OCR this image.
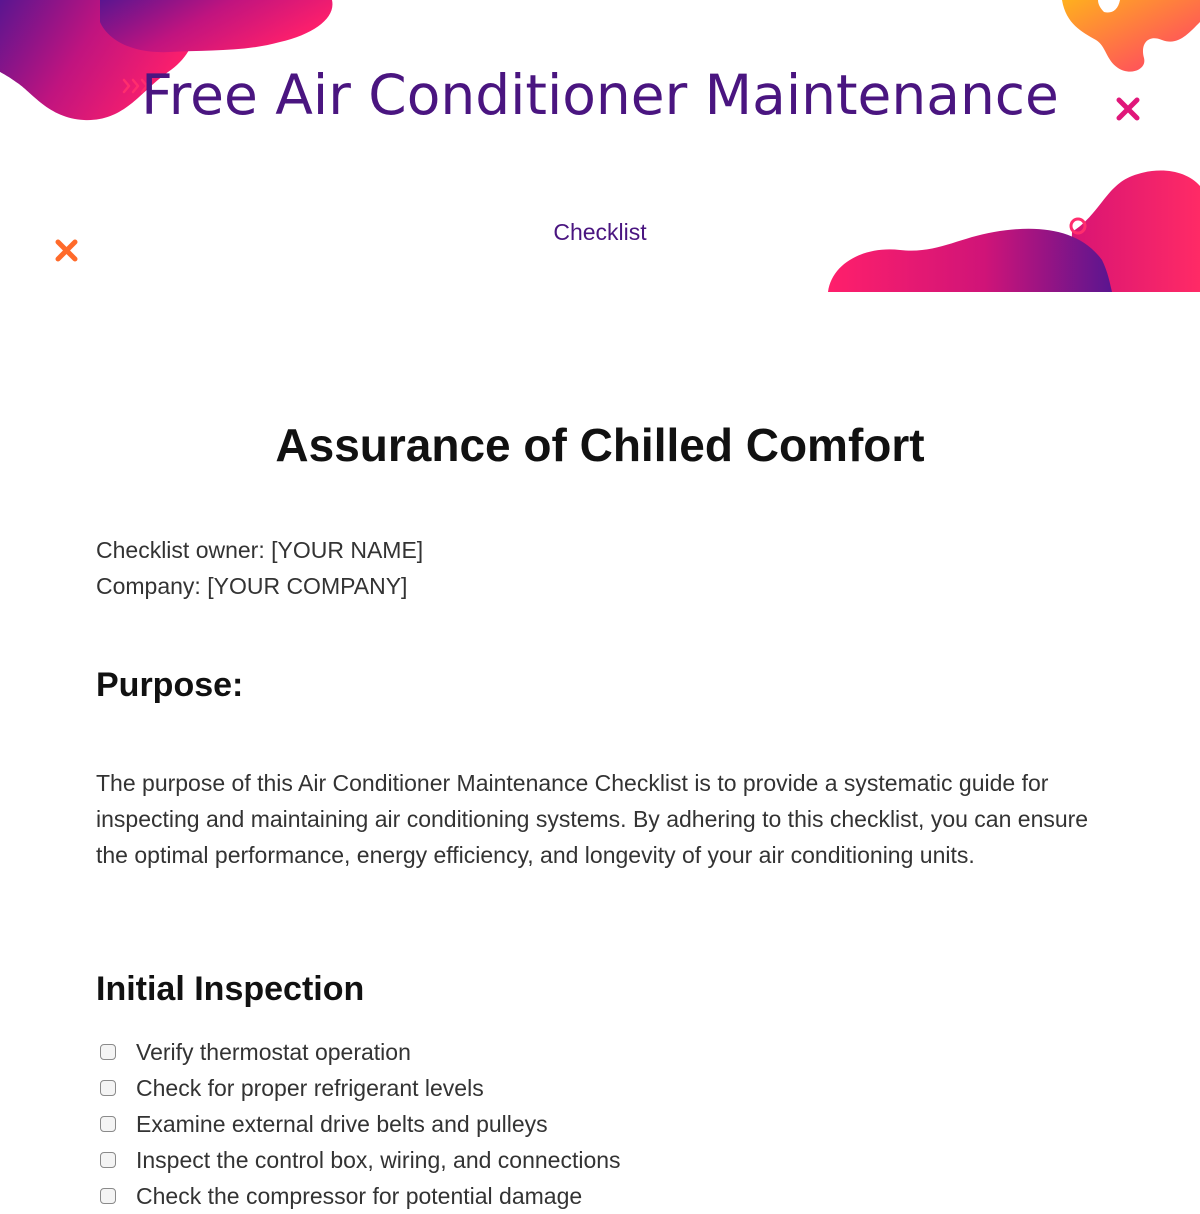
Free Air Conditioner Maintenance
Checklist
Assurance of Chilled Comfort
Checklist owner: [YOUR NAME]
Company: [YOUR COMPANY]
Purpose:

The purpose of this Air Conditioner Maintenance Checklist is to provide a systematic guide for inspecting and maintaining air conditioning systems. By adhering to this checklist, you can ensure the optimal performance, energy efficiency, and longevity of your air conditioning units.

Initial Inspection
Verify thermostat operation
Check for proper refrigerant levels
Examine external drive belts and pulleys
Inspect the control box, wiring, and connections
Check the compressor for potential damage
